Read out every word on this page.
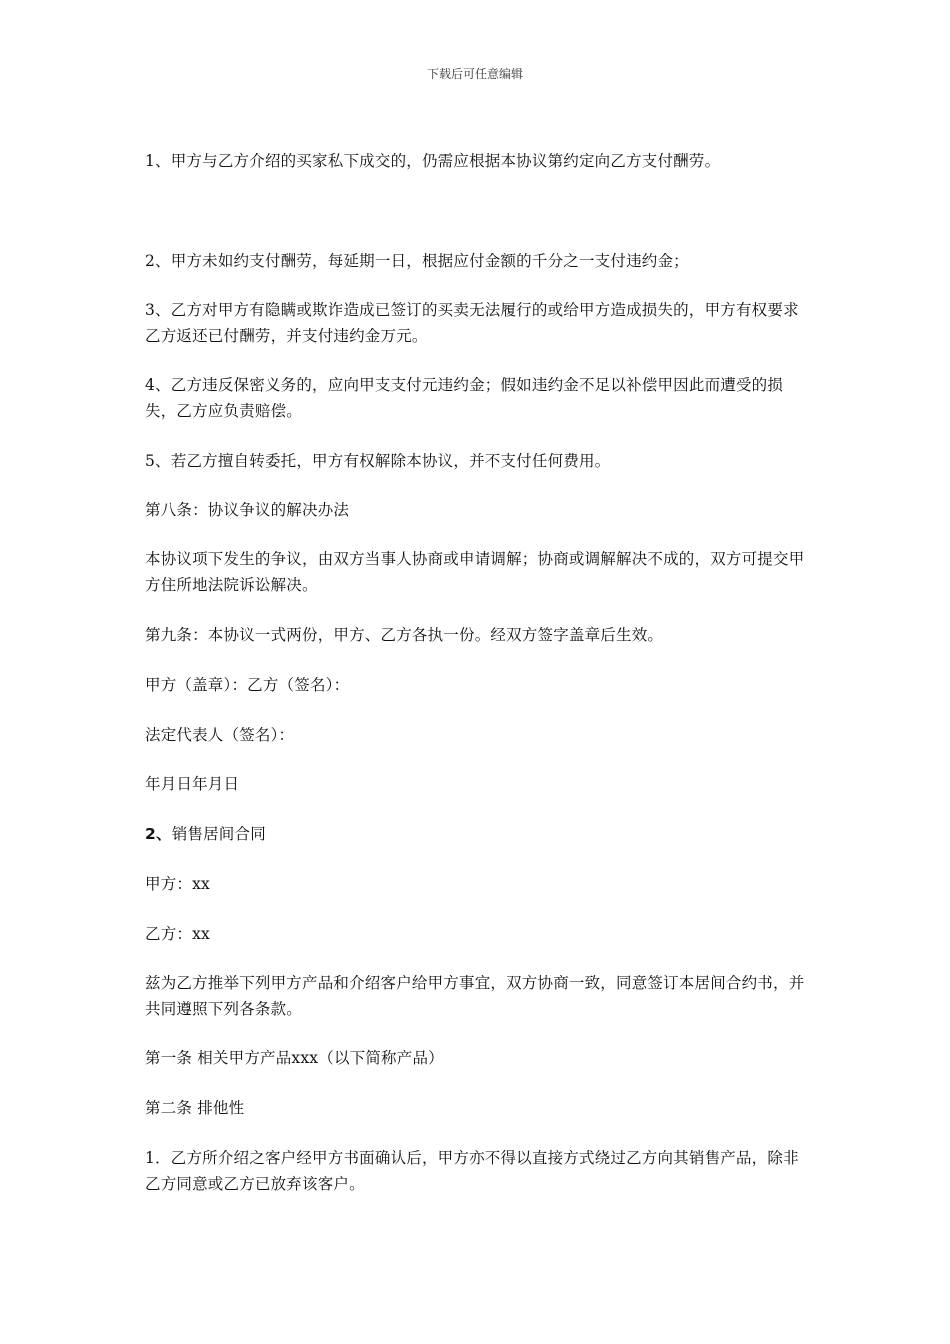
下载后可任意编辑
1、甲方与乙方介绍的买家私下成交的，仍需应根据本协议第约定向乙方支付酬劳。
2、甲方未如约支付酬劳，每延期一日，根据应付金额的千分之一支付违约金；
3、乙方对甲方有隐瞒或欺诈造成已签订的买卖无法履行的或给甲方造成损失的，甲方有权要求乙方返还已付酬劳，并支付违约金万元。
4、乙方违反保密义务的，应向甲支支付元违约金；假如违约金不足以补偿甲因此而遭受的损失，乙方应负责赔偿。
5、若乙方擅自转委托，甲方有权解除本协议，并不支付任何费用。
第八条：协议争议的解决办法
本协议项下发生的争议，由双方当事人协商或申请调解；协商或调解解决不成的，双方可提交甲方住所地法院诉讼解决。
第九条：本协议一式两份，甲方、乙方各执一份。经双方签字盖章后生效。
甲方（盖章）：乙方（签名）：
法定代表人（签名）：
年月日年月日
2、销售居间合同
甲方：xx
乙方：xx
兹为乙方推举下列甲方产品和介绍客户给甲方事宜，双方协商一致，同意签订本居间合约书，并共同遵照下列各条款。
第一条 相关甲方产品xxx（以下简称产品）
第二条 排他性
1．乙方所介绍之客户经甲方书面确认后，甲方亦不得以直接方式绕过乙方向其销售产品，除非乙方同意或乙方已放弃该客户。
